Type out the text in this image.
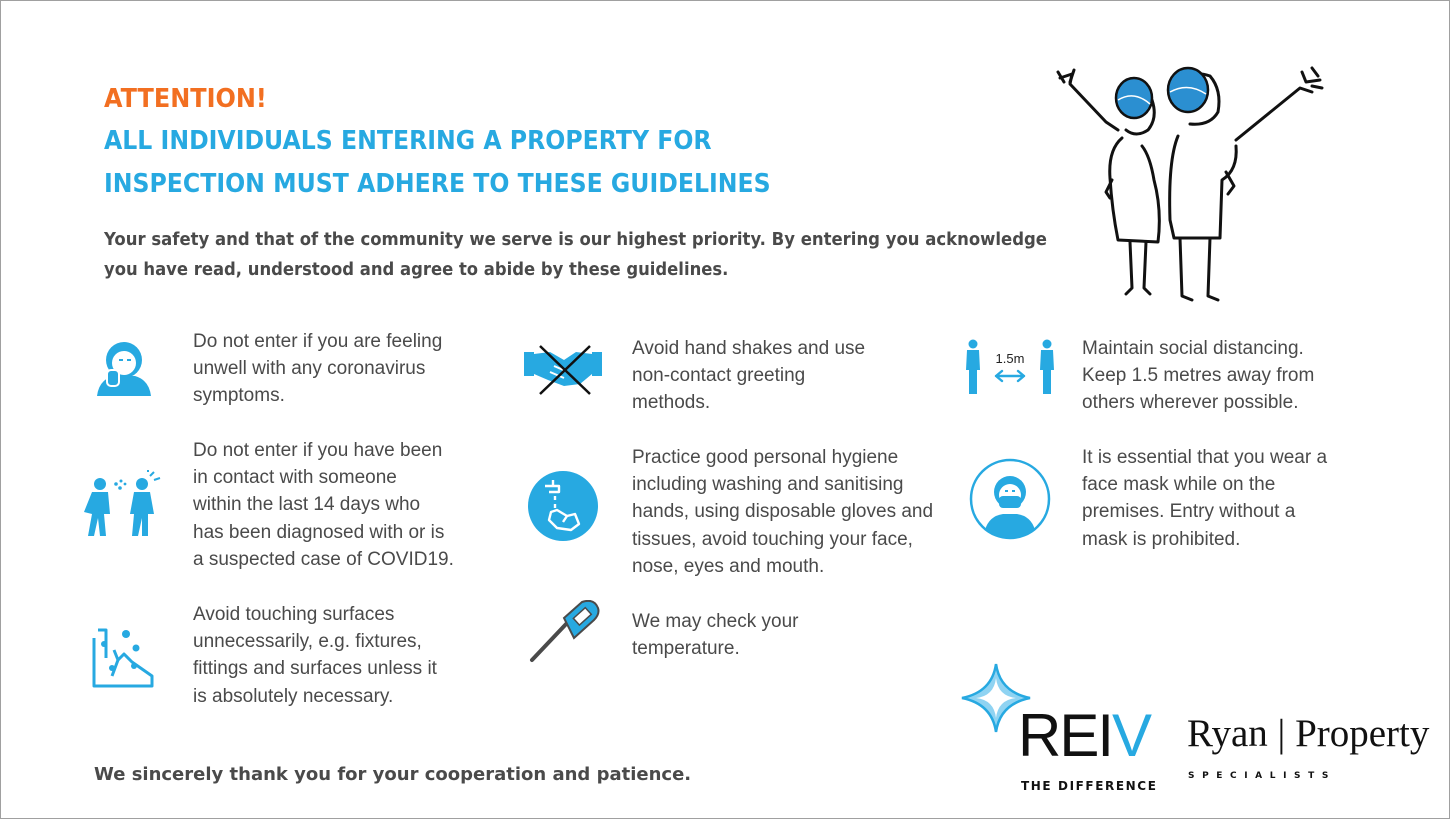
ATTENTION!
ALL INDIVIDUALS ENTERING A PROPERTY FOR
INSPECTION MUST ADHERE TO THESE GUIDELINES
Your safety and that of the community we serve is our highest priority. By entering you acknowledge
you have read, understood and agree to abide by these guidelines.
Do not enter if you are feeling
unwell with any coronavirus
symptoms.
Do not enter if you have been
in contact with someone
within the last 14 days who
has been diagnosed with or is
a suspected case of COVID19.
Avoid touching surfaces
unnecessarily, e.g. fixtures,
fittings and surfaces unless it
is absolutely necessary.
Avoid hand shakes and use
non-contact greeting
methods.
Practice good personal hygiene
including washing and sanitising
hands, using disposable gloves and
tissues, avoid touching your face,
nose, eyes and mouth.
We may check your
temperature.
1.5m	Maintain social distancing.
Keep 1.5 metres away from
others wherever possible.
It is essential that you wear a
face mask while on the
premises. Entry without a
mask is prohibited.
We sincerely thank you for your cooperation and patience.
REIV
THE DIFFERENCE
Ryan | Property
SPECIALISTS
